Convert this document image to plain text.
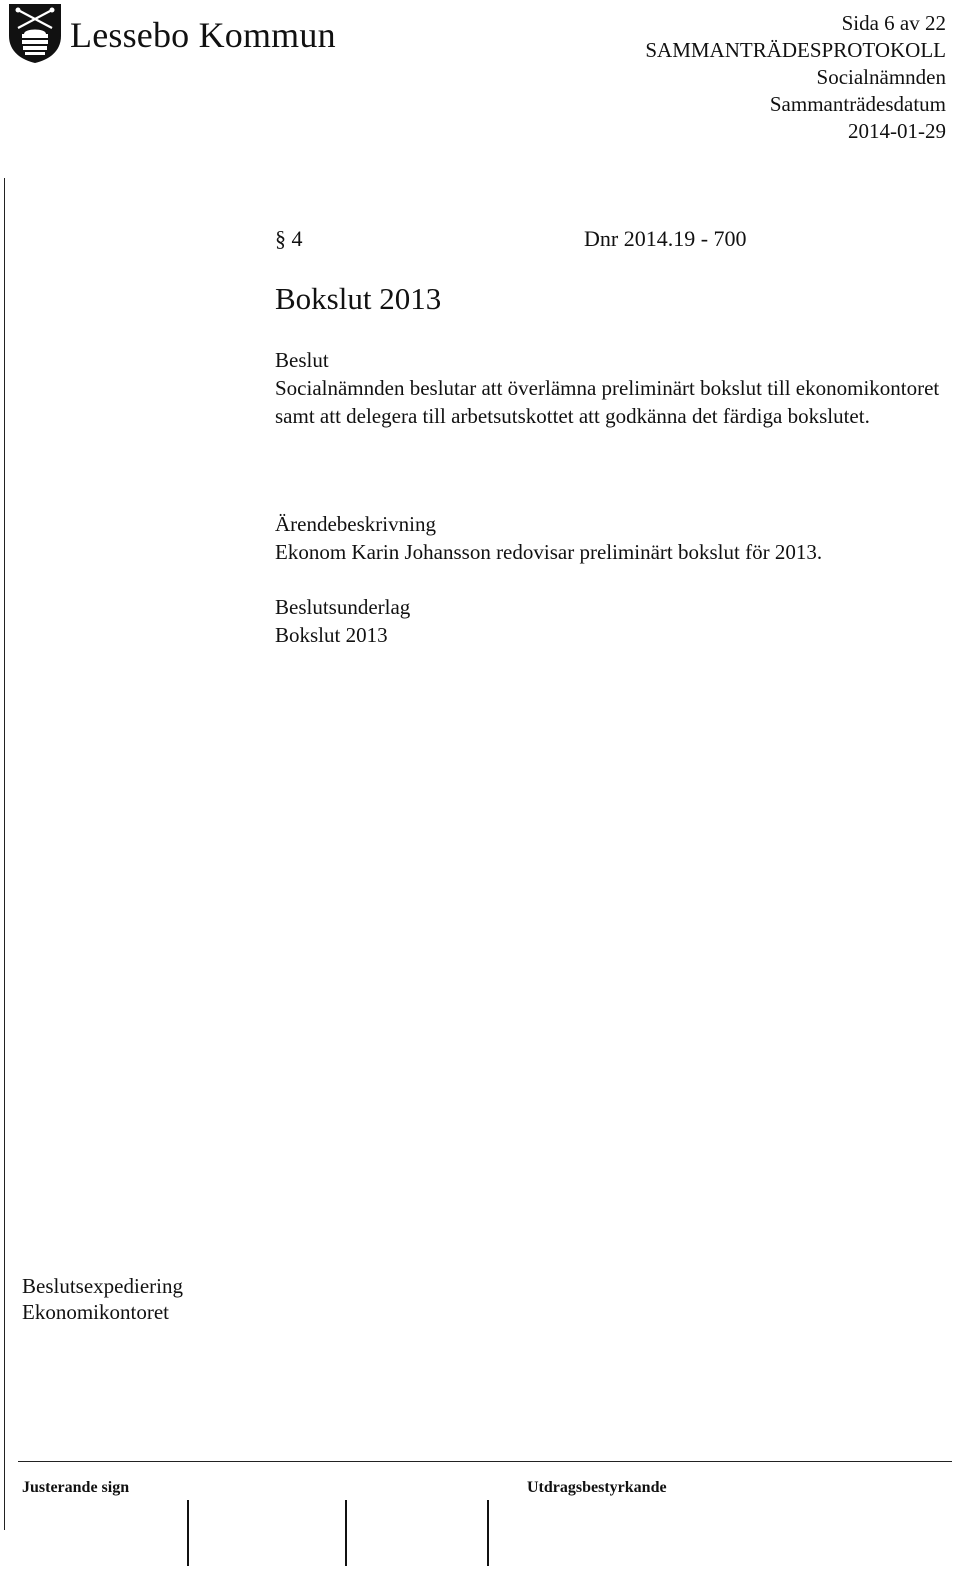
Lessebo Kommun	Sida 6 av 22
SAMMANTRÄDESPROTOKOLL
Socialnämnden
Sammanträdesdatum
2014-01-29
§ 4	Dnr 2014.19 - 700
Bokslut 2013
Beslut
Socialnämnden beslutar att överlämna preliminärt bokslut till ekonomikontoret samt att delegera till arbetsutskottet att godkänna det färdiga bokslutet.
Ärendebeskrivning
Ekonom Karin Johansson redovisar preliminärt bokslut för 2013.
Beslutsunderlag
Bokslut 2013
Beslutsexpediering
Ekonomikontoret
Justerande sign	Utdragsbestyrkande
